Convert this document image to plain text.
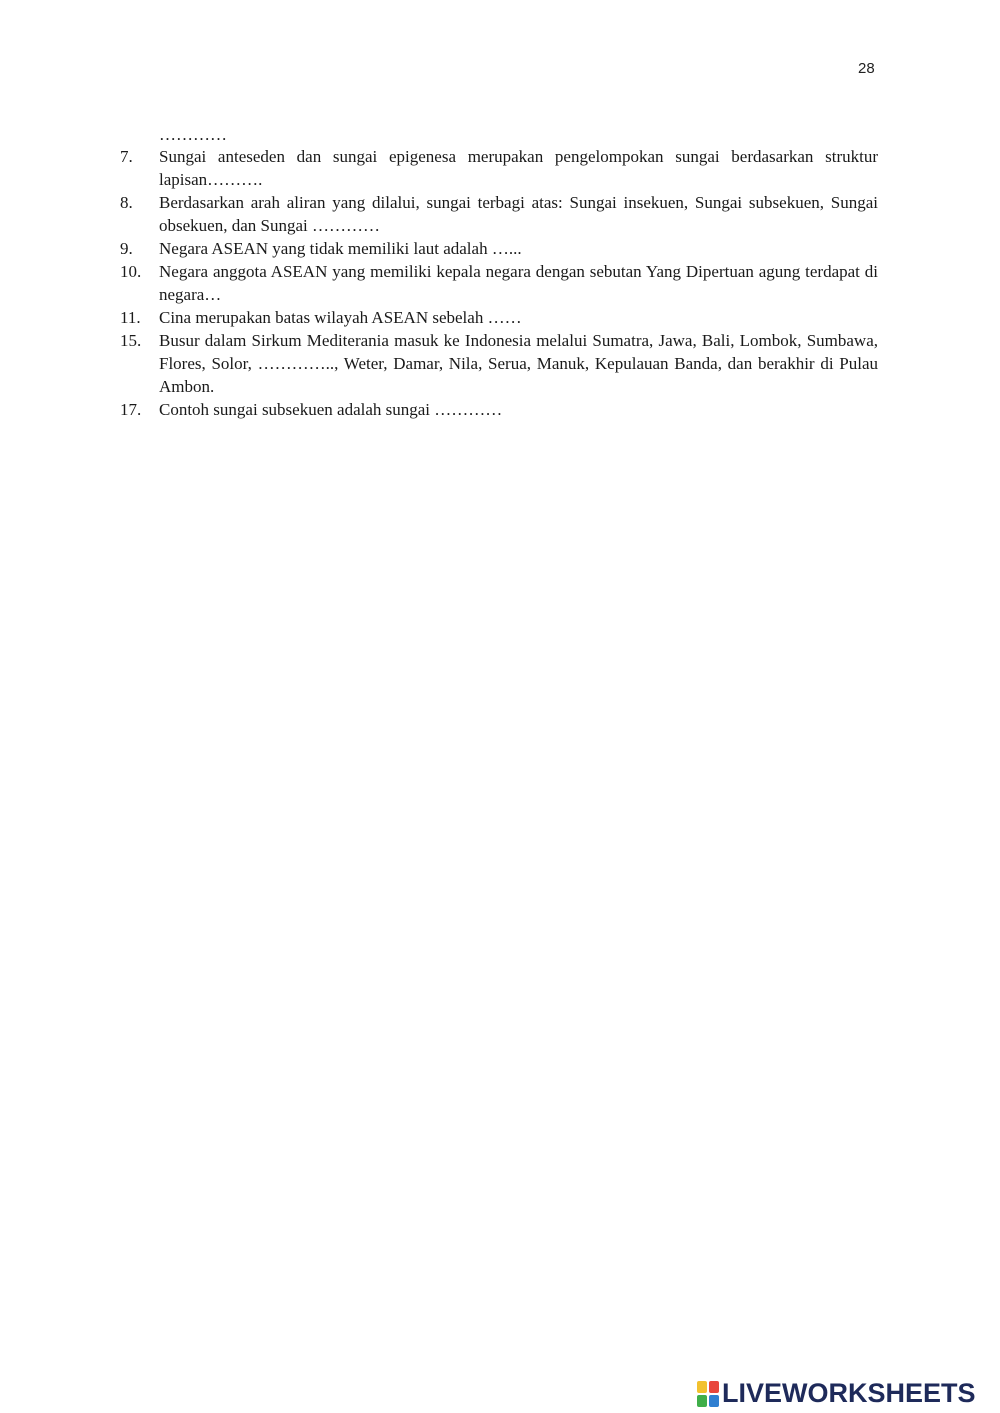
28
…………
7.	Sungai anteseden dan sungai epigenesa merupakan pengelompokan sungai berdasarkan struktur lapisan……….
8.	Berdasarkan arah aliran yang dilalui, sungai terbagi atas: Sungai insekuen, Sungai subsekuen, Sungai obsekuen, dan Sungai …………
9.	Negara ASEAN yang tidak memiliki laut adalah …...
10.	Negara anggota ASEAN yang memiliki kepala negara dengan sebutan Yang Dipertuan agung terdapat di negara…
11.	Cina merupakan batas wilayah ASEAN sebelah ……
15.	Busur dalam Sirkum Mediterania masuk ke Indonesia melalui Sumatra, Jawa, Bali, Lombok, Sumbawa, Flores, Solor, ………….., Weter, Damar, Nila, Serua, Manuk, Kepulauan Banda, dan berakhir di Pulau Ambon.
17.	Contoh sungai subsekuen adalah sungai …………
LIVEWORKSHEETS
